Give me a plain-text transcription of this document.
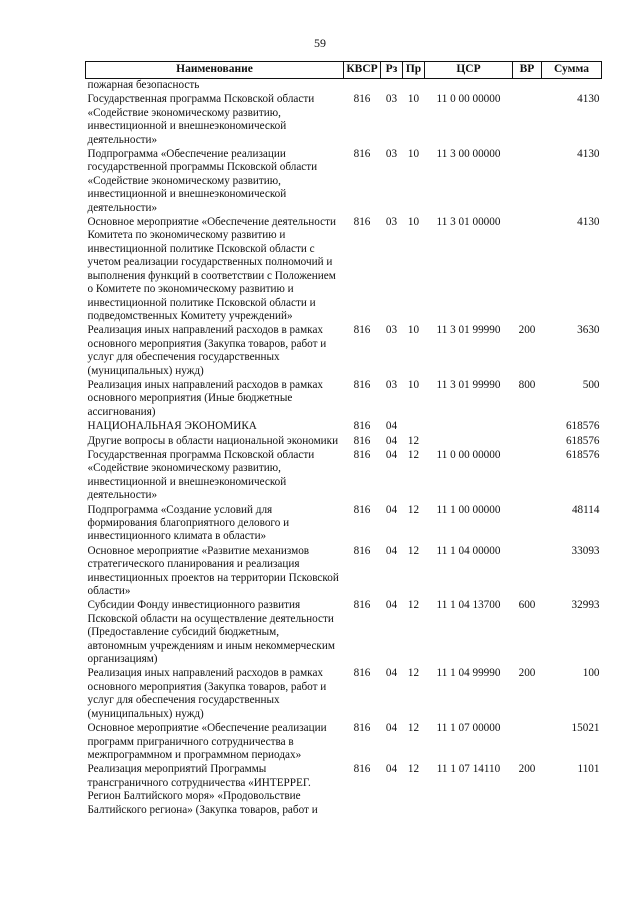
59
Наименование	КВСР	Рз	Пр	ЦСР	ВР	Сумма
пожарная безопасность						
Государственная программа Псковской области «Содействие экономическому развитию, инвестиционной и внешнеэкономической деятельности»	816	03	10	11 0 00 00000		4130
Подпрограмма «Обеспечение реализации государственной программы Псковской области «Содействие экономическому развитию, инвестиционной и внешнеэкономической деятельности»	816	03	10	11 3 00 00000		4130
Основное мероприятие «Обеспечение деятельности Комитета по экономическому развитию и инвестиционной политике Псковской области с учетом реализации государственных полномочий и выполнения функций в соответствии с Положением о Комитете по экономическому развитию и инвестиционной политике Псковской области и подведомственных Комитету учреждений»	816	03	10	11 3 01 00000		4130
Реализация иных направлений расходов в рамках основного мероприятия (Закупка товаров, работ и услуг для обеспечения государственных (муниципальных) нужд)	816	03	10	11 3 01 99990	200	3630
Реализация иных направлений расходов в рамках основного мероприятия (Иные бюджетные ассигнования)	816	03	10	11 3 01 99990	800	500
НАЦИОНАЛЬНАЯ ЭКОНОМИКА	816	04				618576
Другие вопросы в области национальной экономики	816	04	12			618576
Государственная программа Псковской области «Содействие экономическому развитию, инвестиционной и внешнеэкономической деятельности»	816	04	12	11 0 00 00000		618576
Подпрограмма «Создание условий для формирования благоприятного делового и инвестиционного климата в области»	816	04	12	11 1 00 00000		48114
Основное мероприятие «Развитие механизмов стратегического планирования и реализация инвестиционных проектов на территории Псковской области»	816	04	12	11 1 04 00000		33093
Субсидии Фонду инвестиционного развития Псковской области на осуществление деятельности (Предоставление субсидий бюджетным, автономным учреждениям и иным некоммерческим организациям)	816	04	12	11 1 04 13700	600	32993
Реализация иных направлений расходов в рамках основного мероприятия (Закупка товаров, работ и услуг для обеспечения государственных (муниципальных) нужд)	816	04	12	11 1 04 99990	200	100
Основное мероприятие «Обеспечение реализации программ приграничного сотрудничества в межпрограммном и программном периодах»	816	04	12	11 1 07 00000		15021
Реализация мероприятий Программы трансграничного сотрудничества «ИНТЕРРЕГ. Регион Балтийского моря» «Продовольствие Балтийского региона» (Закупка товаров, работ и	816	04	12	11 1 07 14110	200	1101
